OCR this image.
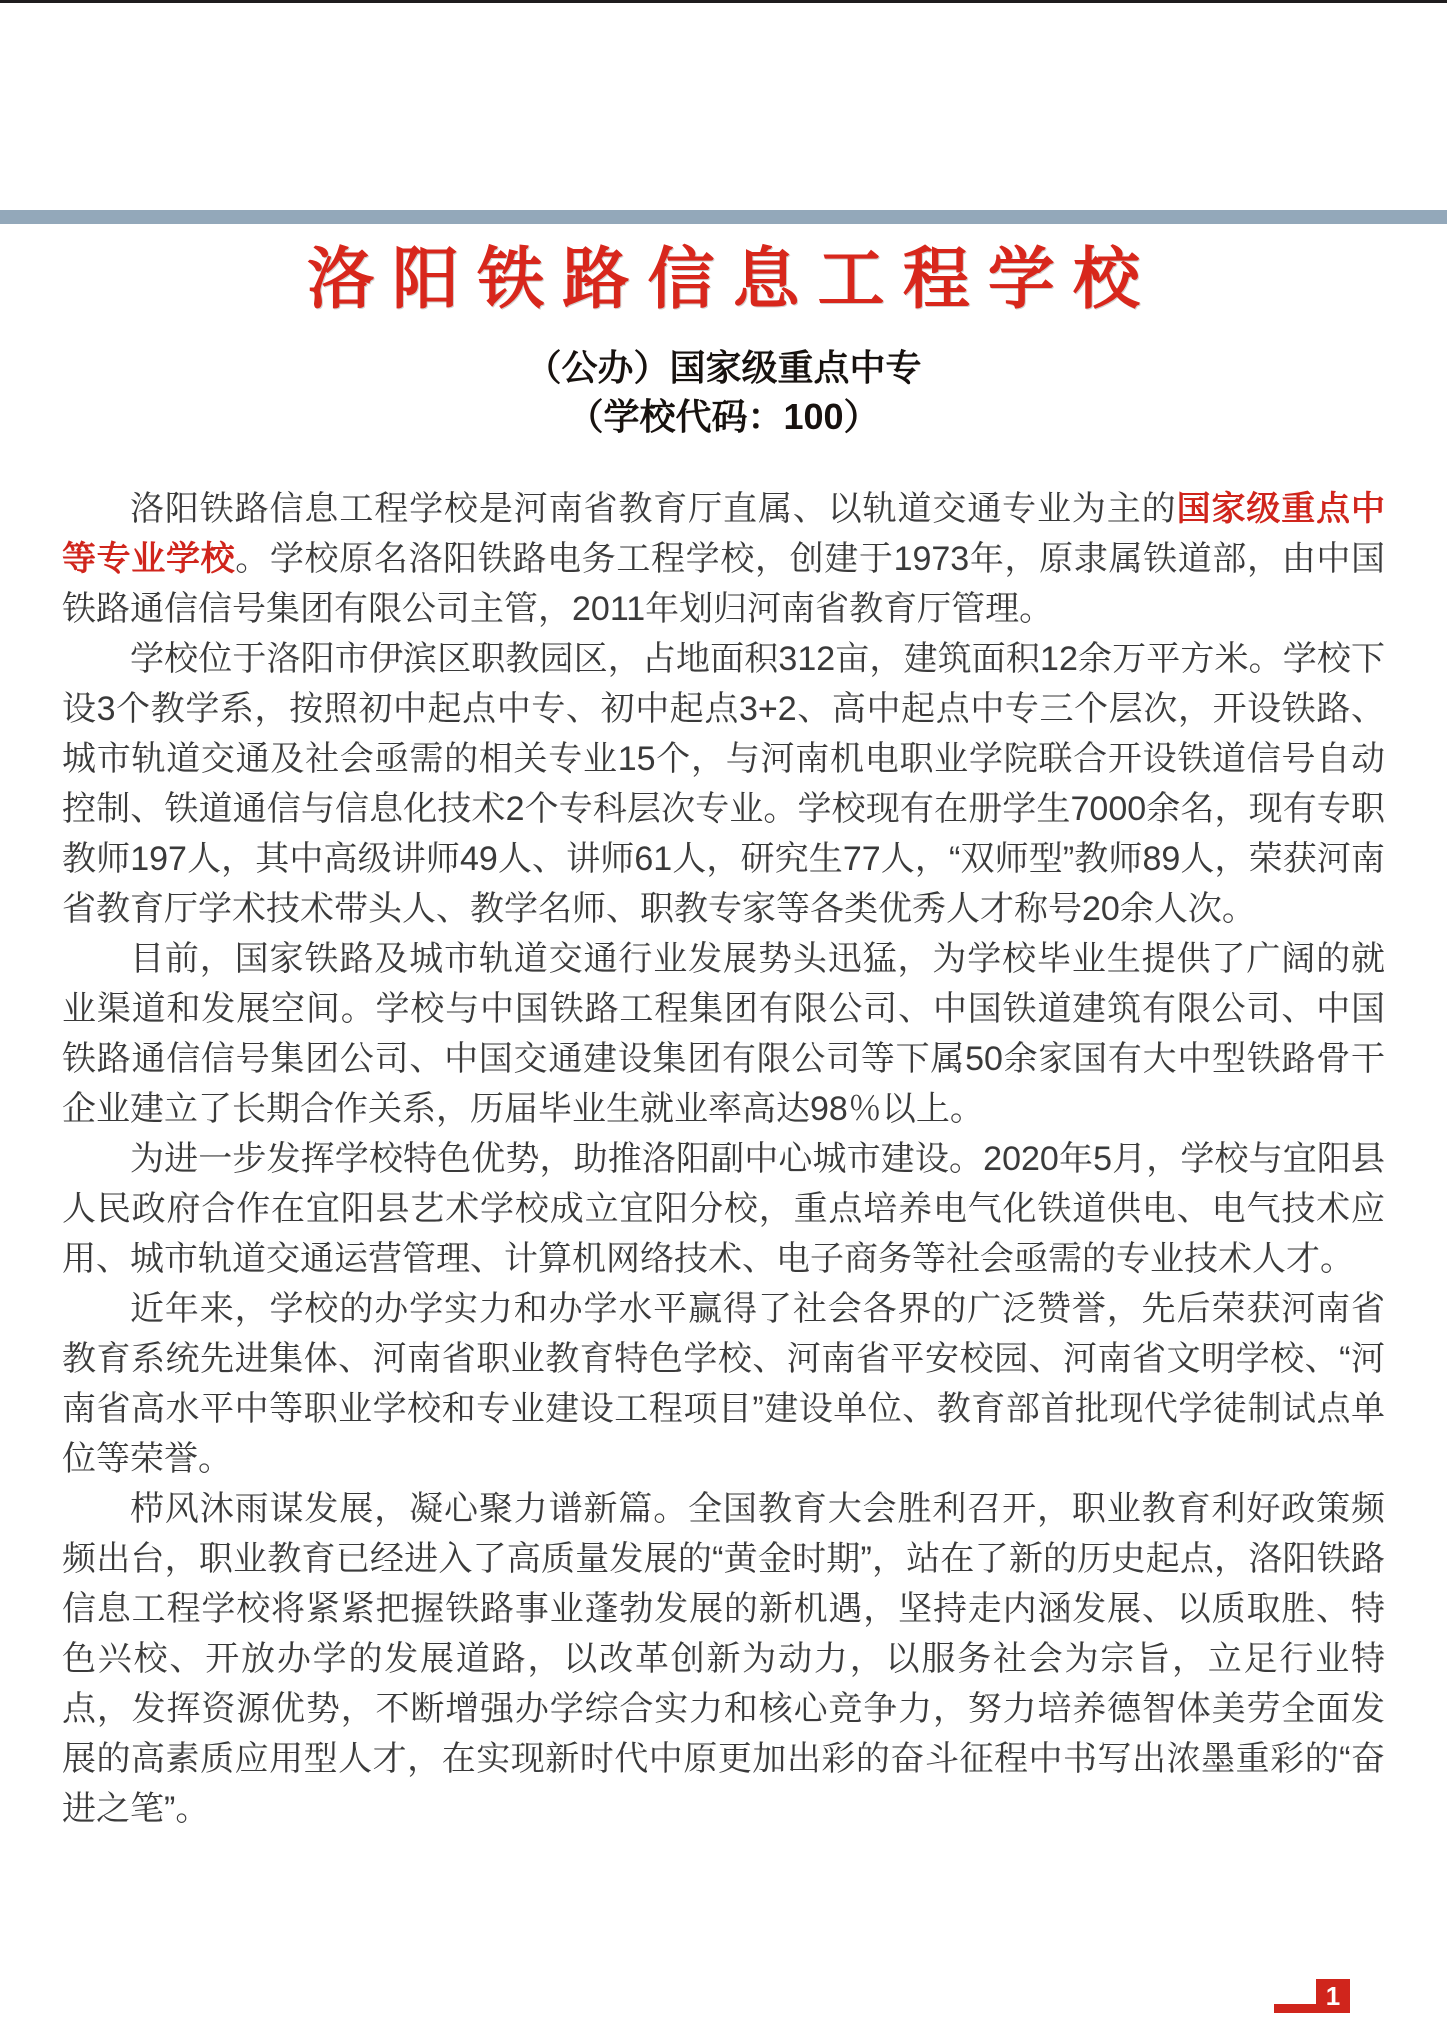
洛阳铁路信息工程学校

（公办）国家级重点中专

（学校代码：100）

洛阳铁路信息工程学校是河南省教育厅直属、以轨道交通专业为主的国家级重点中等专业学校。学校原名洛阳铁路电务工程学校，创建于1973年，原隶属铁道部，由中国铁路通信信号集团有限公司主管，2011年划归河南省教育厅管理。

学校位于洛阳市伊滨区职教园区，占地面积312亩，建筑面积12余万平方米。学校下设3个教学系，按照初中起点中专、初中起点3+2、高中起点中专三个层次，开设铁路、城市轨道交通及社会亟需的相关专业15个，与河南机电职业学院联合开设铁道信号自动控制、铁道通信与信息化技术2个专科层次专业。学校现有在册学生7000余名，现有专职教师197人，其中高级讲师49人、讲师61人，研究生77人，“双师型”教师89人，荣获河南省教育厅学术技术带头人、教学名师、职教专家等各类优秀人才称号20余人次。

目前，国家铁路及城市轨道交通行业发展势头迅猛，为学校毕业生提供了广阔的就业渠道和发展空间。学校与中国铁路工程集团有限公司、中国铁道建筑有限公司、中国铁路通信信号集团公司、中国交通建设集团有限公司等下属50余家国有大中型铁路骨干企业建立了长期合作关系，历届毕业生就业率高达98％以上。

为进一步发挥学校特色优势，助推洛阳副中心城市建设。2020年5月，学校与宜阳县人民政府合作在宜阳县艺术学校成立宜阳分校，重点培养电气化铁道供电、电气技术应用、城市轨道交通运营管理、计算机网络技术、电子商务等社会亟需的专业技术人才。

近年来，学校的办学实力和办学水平赢得了社会各界的广泛赞誉，先后荣获河南省教育系统先进集体、河南省职业教育特色学校、河南省平安校园、河南省文明学校、“河南省高水平中等职业学校和专业建设工程项目”建设单位、教育部首批现代学徒制试点单位等荣誉。

栉风沐雨谋发展，凝心聚力谱新篇。全国教育大会胜利召开，职业教育利好政策频频出台，职业教育已经进入了高质量发展的“黄金时期”，站在了新的历史起点，洛阳铁路信息工程学校将紧紧把握铁路事业蓬勃发展的新机遇，坚持走内涵发展、以质取胜、特色兴校、开放办学的发展道路，以改革创新为动力，以服务社会为宗旨，立足行业特点，发挥资源优势，不断增强办学综合实力和核心竞争力，努力培养德智体美劳全面发展的高素质应用型人才，在实现新时代中原更加出彩的奋斗征程中书写出浓墨重彩的“奋进之笔”。

1
